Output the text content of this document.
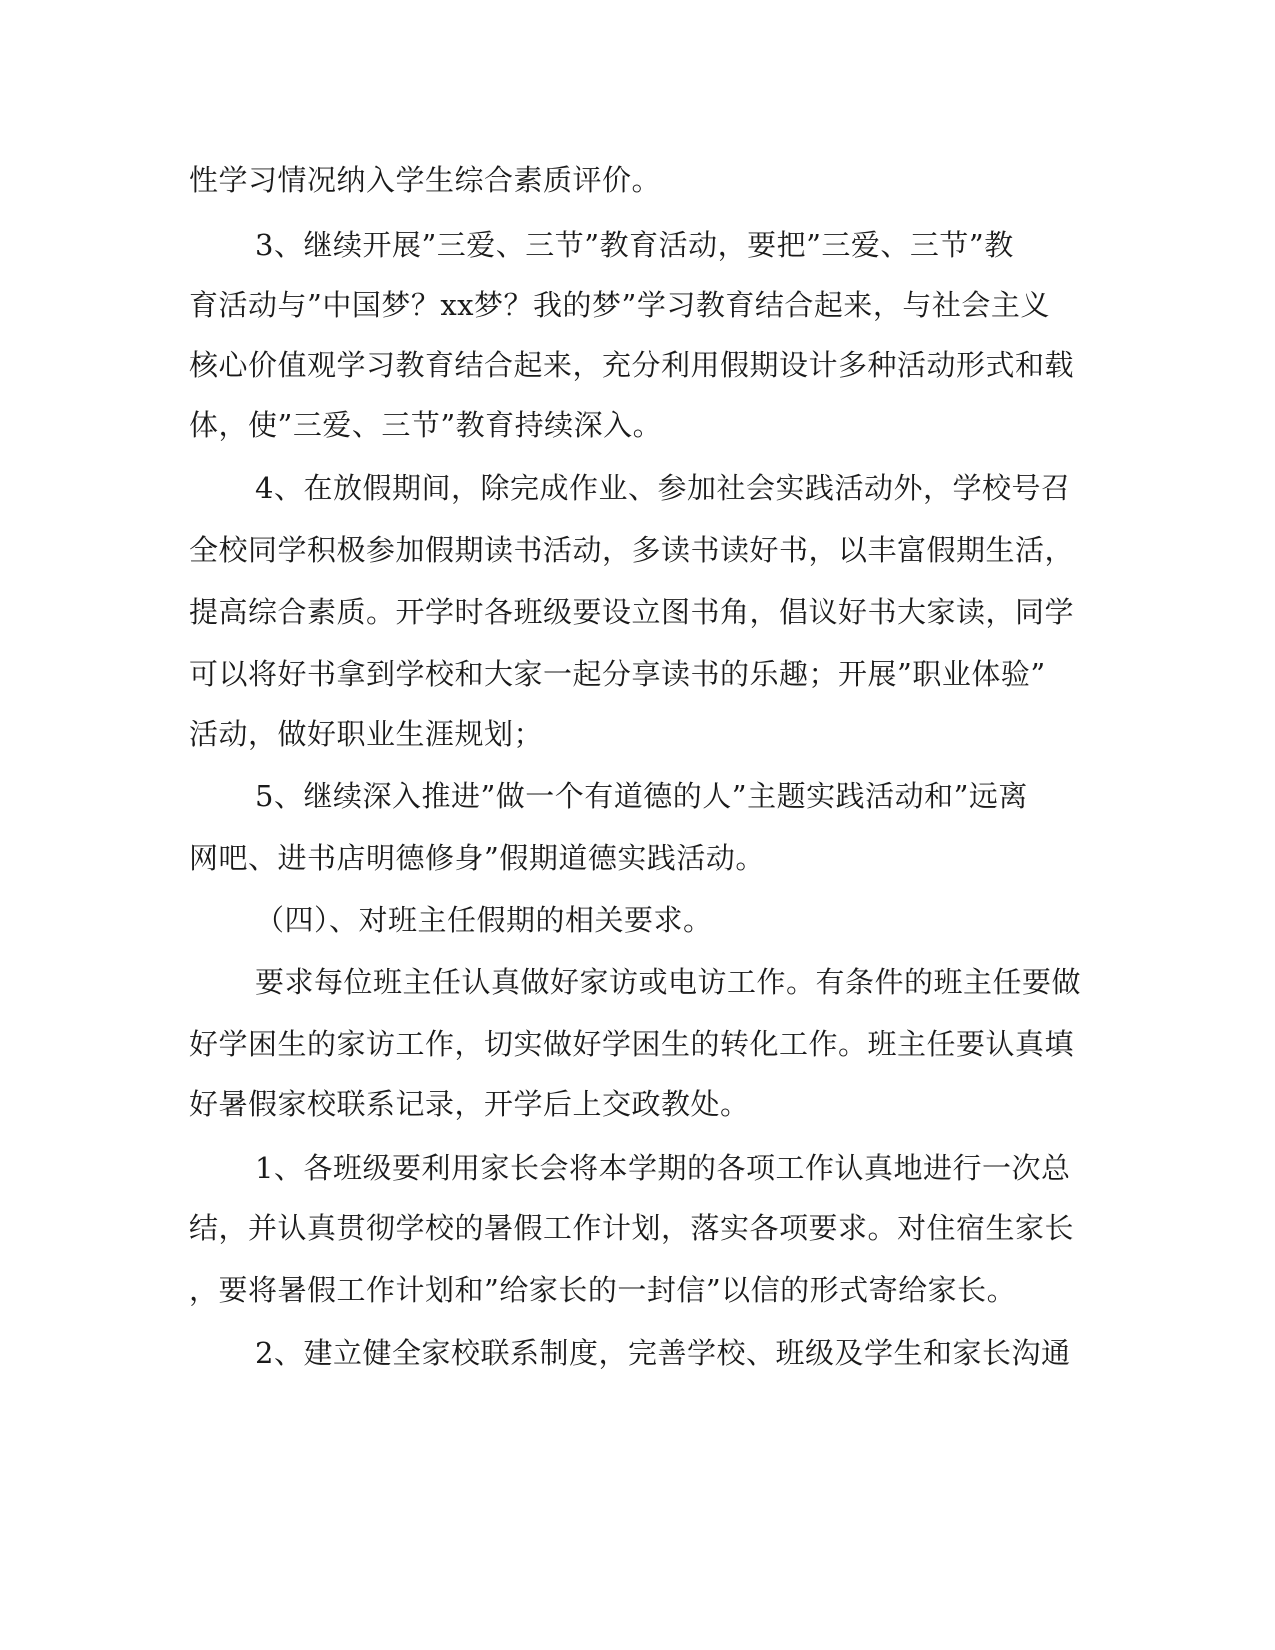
性学习情况纳入学生综合素质评价。

3、继续开展”三爱、三节”教育活动，要把”三爱、三节”教

育活动与”中国梦？xx梦？我的梦”学习教育结合起来，与社会主义

核心价值观学习教育结合起来，充分利用假期设计多种活动形式和载

体，使”三爱、三节”教育持续深入。

4、在放假期间，除完成作业、参加社会实践活动外，学校号召

全校同学积极参加假期读书活动，多读书读好书，以丰富假期生活，

提高综合素质。开学时各班级要设立图书角，倡议好书大家读，同学

可以将好书拿到学校和大家一起分享读书的乐趣；开展”职业体验”

活动，做好职业生涯规划；

5、继续深入推进”做一个有道德的人”主题实践活动和”远离

网吧、进书店明德修身”假期道德实践活动。

（四）、对班主任假期的相关要求。

要求每位班主任认真做好家访或电访工作。有条件的班主任要做

好学困生的家访工作，切实做好学困生的转化工作。班主任要认真填

好暑假家校联系记录，开学后上交政教处。

1、各班级要利用家长会将本学期的各项工作认真地进行一次总

结，并认真贯彻学校的暑假工作计划，落实各项要求。对住宿生家长

，要将暑假工作计划和”给家长的一封信”以信的形式寄给家长。

2、建立健全家校联系制度，完善学校、班级及学生和家长沟通
